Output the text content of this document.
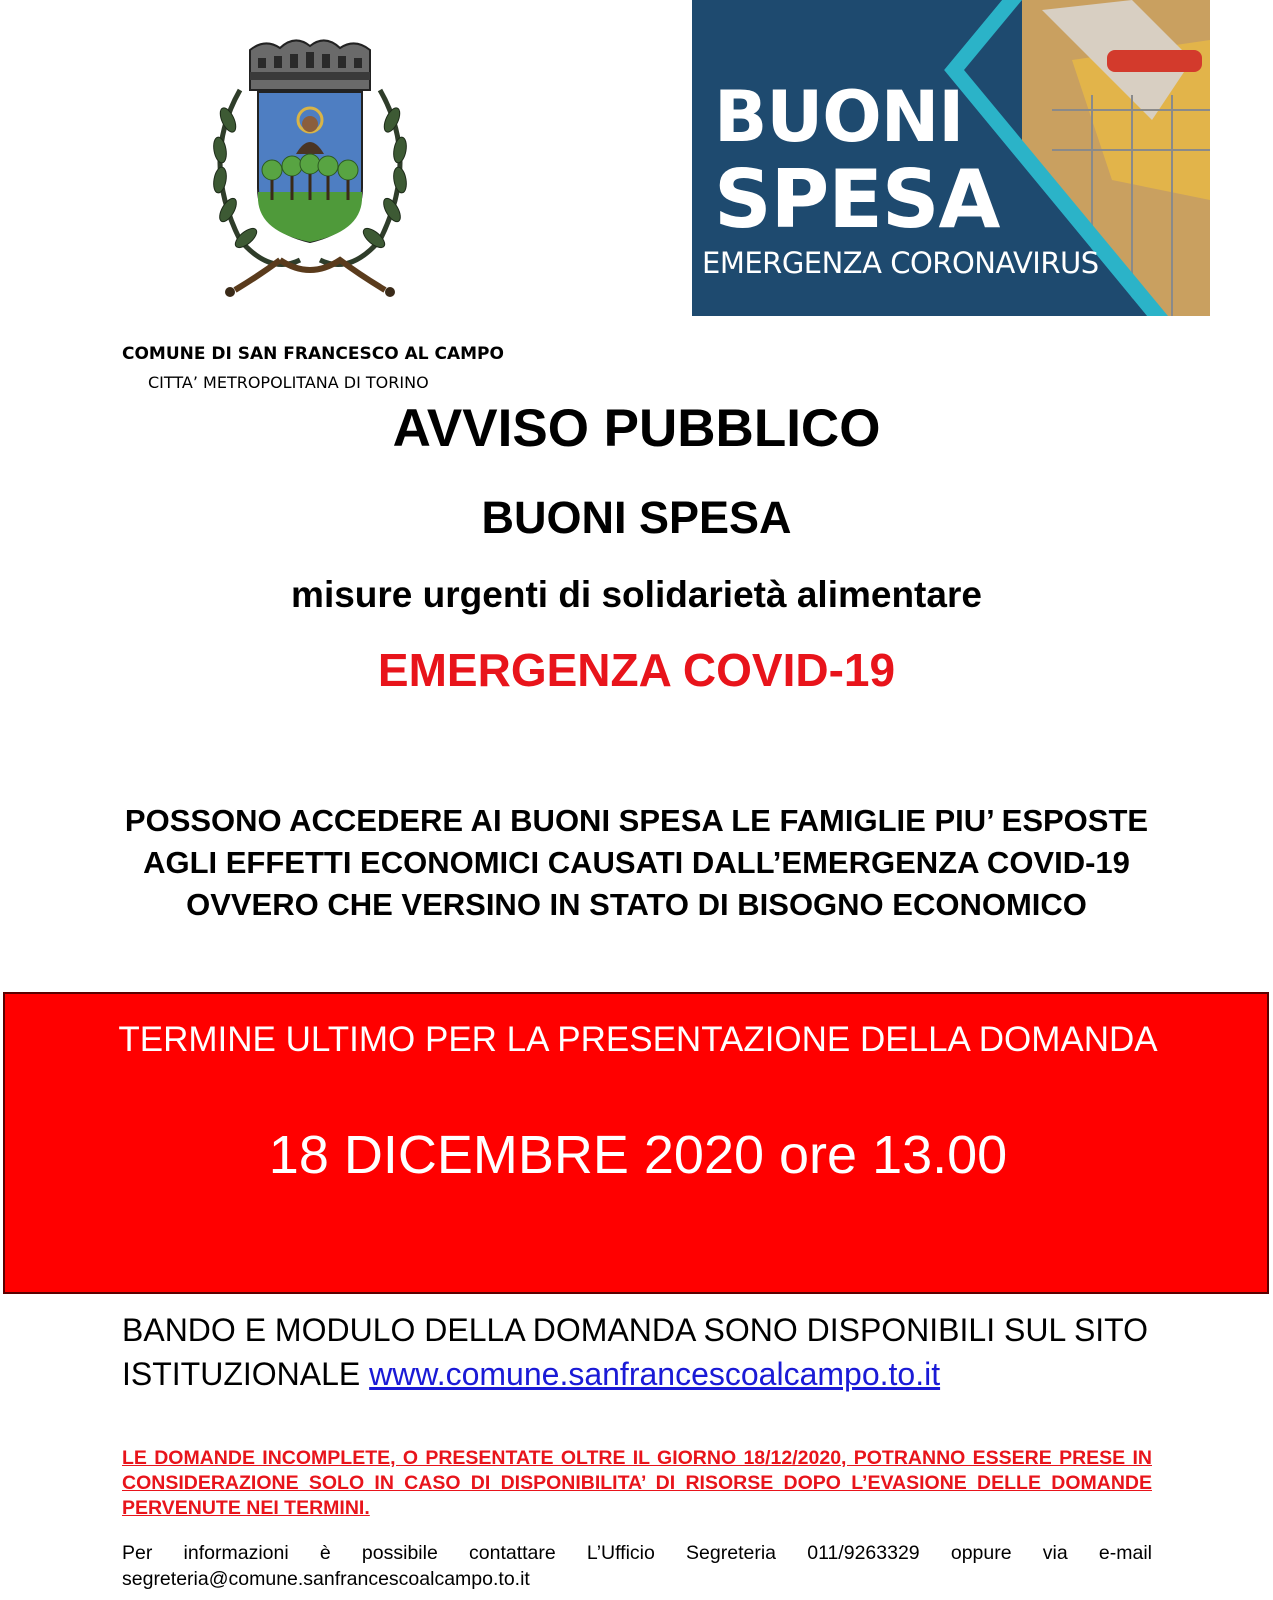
BUONI
SPESA
EMERGENZA CORONAVIRUS
COMUNE DI SAN FRANCESCO AL CAMPO
CITTA’ METROPOLITANA DI TORINO
AVVISO PUBBLICO
BUONI SPESA
misure urgenti di solidarietà alimentare
EMERGENZA COVID-19
POSSONO ACCEDERE AI BUONI SPESA LE FAMIGLIE PIU’ ESPOSTE AGLI EFFETTI ECONOMICI CAUSATI DALL’EMERGENZA COVID-19 OVVERO CHE VERSINO IN STATO DI BISOGNO ECONOMICO
TERMINE ULTIMO PER LA PRESENTAZIONE DELLA DOMANDA
18 DICEMBRE 2020 ore 13.00
BANDO E MODULO DELLA DOMANDA SONO DISPONIBILI SUL SITO ISTITUZIONALE www.comune.sanfrancescoalcampo.to.it
LE DOMANDE INCOMPLETE, O PRESENTATE OLTRE IL GIORNO 18/12/2020, POTRANNO ESSERE PRESE IN CONSIDERAZIONE SOLO IN CASO DI DISPONIBILITA’ DI RISORSE DOPO L’EVASIONE DELLE DOMANDE PERVENUTE NEI TERMINI.
Per informazioni è possibile contattare L’Ufficio Segreteria 011/9263329 oppure via e-mail segreteria@comune.sanfrancescoalcampo.to.it
